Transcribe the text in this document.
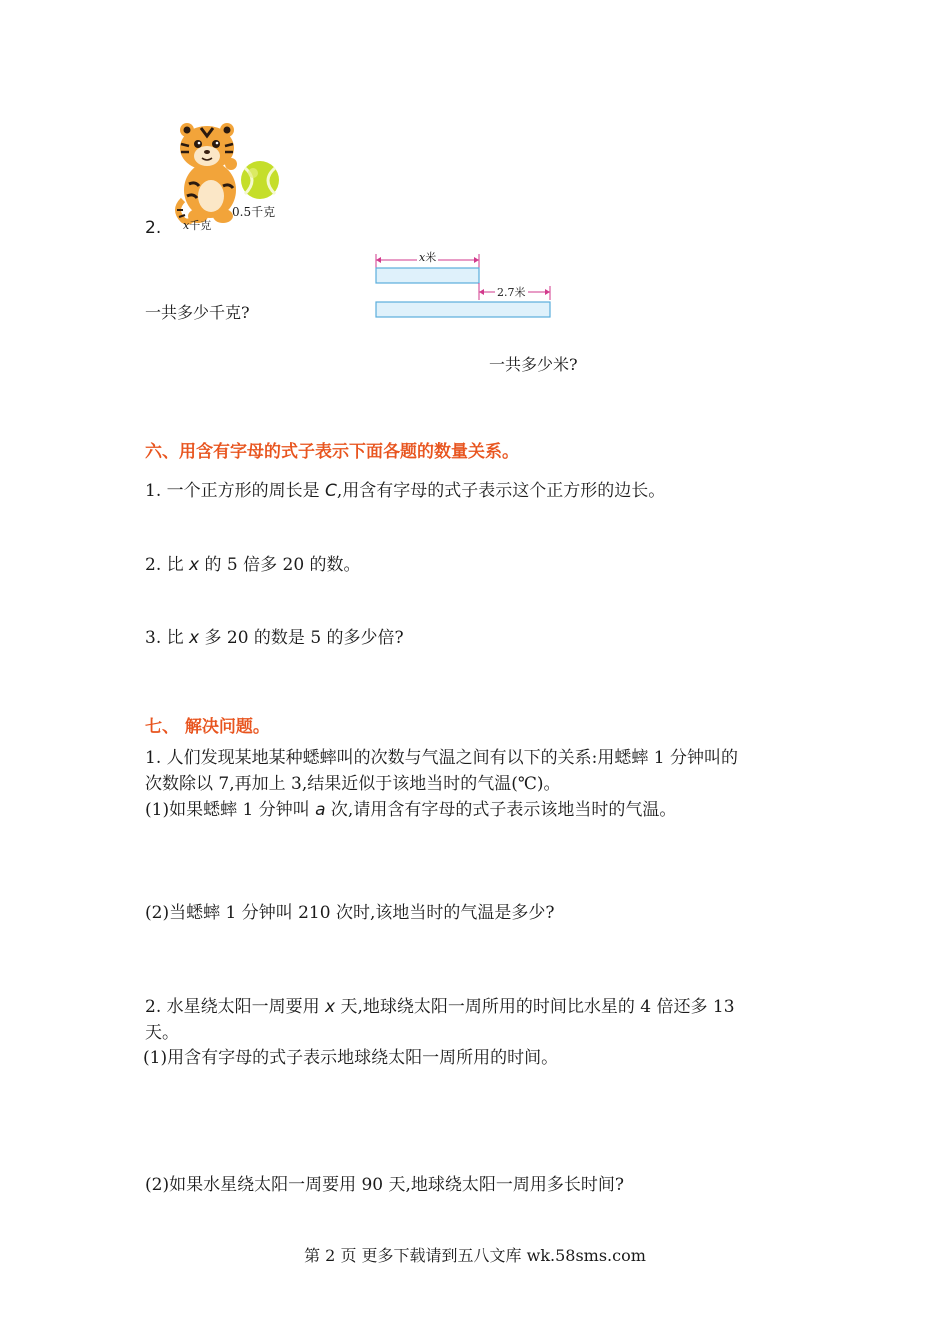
0.5千克
2. x千克
一共多少千克?
x米
2.7米
一共多少米?
六、用含有字母的式子表示下面各题的数量关系。
1. 一个正方形的周长是 C,用含有字母的式子表示这个正方形的边长。
2. 比 x 的 5 倍多 20 的数。
3. 比 x 多 20 的数是 5 的多少倍?
七、 解决问题。
1. 人们发现某地某种蟋蟀叫的次数与气温之间有以下的关系:用蟋蟀 1 分钟叫的
次数除以 7,再加上 3,结果近似于该地当时的气温(℃)。
(1)如果蟋蟀 1 分钟叫 a 次,请用含有字母的式子表示该地当时的气温。
(2)当蟋蟀 1 分钟叫 210 次时,该地当时的气温是多少?
2. 水星绕太阳一周要用 x 天,地球绕太阳一周所用的时间比水星的 4 倍还多 13
天。
(1)用含有字母的式子表示地球绕太阳一周所用的时间。
(2)如果水星绕太阳一周要用 90 天,地球绕太阳一周用多长时间?
第 2 页 更多下载请到五八文库 wk.58sms.com
